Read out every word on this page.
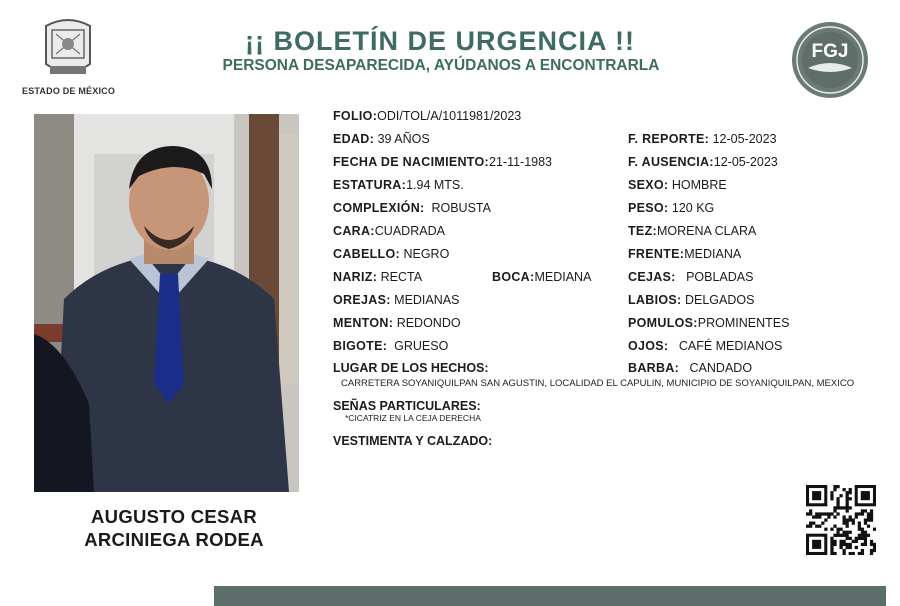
ESTADO DE MÉXICO
¡¡ BOLETÍN DE URGENCIA !!
PERSONA DESAPARECIDA, AYÚDANOS A ENCONTRARLA
FGJ
AUGUSTO CESAR
ARCINIEGA RODEA
FOLIO:ODI/TOL/A/1011981/2023
EDAD: 39 AÑOS
FECHA DE NACIMIENTO:21-11-1983
ESTATURA:1.94 MTS.
COMPLEXIÓN: ROBUSTA
CARA:CUADRADA
CABELLO: NEGRO
NARIZ: RECTA	BOCA:MEDIANA
OREJAS: MEDIANAS
MENTON: REDONDO
BIGOTE: GRUESO
LUGAR DE LOS HECHOS:
CARRETERA SOYANIQUILPAN SAN AGUSTIN, LOCALIDAD EL CAPULIN, MUNICIPIO DE SOYANIQUILPAN, MEXICO
SEÑAS PARTICULARES:
*CICATRIZ EN LA CEJA DERECHA
VESTIMENTA Y CALZADO:
F. REPORTE: 12-05-2023
F. AUSENCIA:12-05-2023
SEXO: HOMBRE
PESO: 120 KG
TEZ:MORENA CLARA
FRENTE:MEDIANA
CEJAS: POBLADAS
LABIOS: DELGADOS
POMULOS:PROMINENTES
OJOS: CAFÉ MEDIANOS
BARBA: CANDADO
